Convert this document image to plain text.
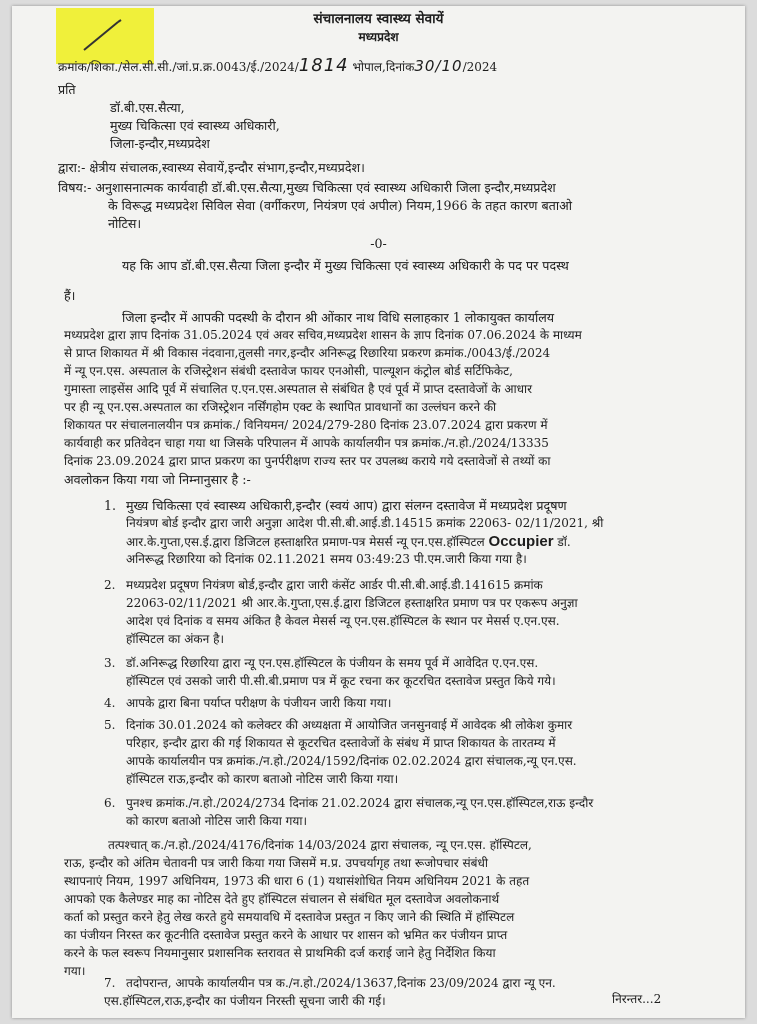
संचालनालय स्वास्थ्य सेवायें
मध्यप्रदेश
क्रमांक/शिका./सेल.सी.सी./जां.प्र.क्र.0043/ई./2024/1814 भोपाल,दिनांक30/10/2024
प्रति
डॉ.बी.एस.सैत्या,
मुख्य चिकित्सा एवं स्वास्थ्य अधिकारी,
जिला-इन्दौर,मध्यप्रदेश
द्वारा:- क्षेत्रीय संचालक,स्वास्थ्य सेवायें,इन्दौर संभाग,इन्दौर,मध्यप्रदेश।
विषय:- अनुशासनात्मक कार्यवाही डॉ.बी.एस.सैत्या,मुख्य चिकित्सा एवं स्वास्थ्य अधिकारी जिला इन्दौर,मध्यप्रदेश
के विरूद्ध मध्यप्रदेश सिविल सेवा (वर्गीकरण, नियंत्रण एवं अपील) नियम,1966 के तहत कारण बताओ
नोटिस।
-0-
यह कि आप डॉ.बी.एस.सैत्या जिला इन्दौर में मुख्य चिकित्सा एवं स्वास्थ्य अधिकारी के पद पर पदस्थ
हैं।
जिला इन्दौर में आपकी पदस्थी के दौरान श्री ओंकार नाथ विधि सलाहकार 1 लोकायुक्त कार्यालय
मध्यप्रदेश द्वारा ज्ञाप दिनांक 31.05.2024 एवं अवर सचिव,मध्यप्रदेश शासन के ज्ञाप दिनांक 07.06.2024 के माध्यम
से प्राप्त शिकायत में श्री विकास नंदवाना,तुलसी नगर,इन्दौर अनिरूद्ध रिछारिया प्रकरण क्रमांक./0043/ई./2024
में न्यू एन.एस. अस्पताल के रजिस्ट्रेशन संबंधी दस्तावेज फायर एनओसी, पाल्यूशन कंट्रोल बोर्ड सर्टिफिकेट,
गुमास्ता लाइसेंस आदि पूर्व में संचालित ए.एन.एस.अस्पताल से संबंधित है एवं पूर्व में प्राप्त दस्तावेजों के आधार
पर ही न्यू एन.एस.अस्पताल का रजिस्ट्रेशन नर्सिंगहोम एक्ट के स्थापित प्रावधानों का उल्लंघन करने की
शिकायत पर संचालनालयीन पत्र क्रमांक./ विनियमन/ 2024/279-280 दिनांक 23.07.2024 द्वारा प्रकरण में
कार्यवाही कर प्रतिवेदन चाहा गया था जिसके परिपालन में आपके कार्यालयीन पत्र क्रमांक./न.हो./2024/13335
दिनांक 23.09.2024 द्वारा प्राप्त प्रकरण का पुनर्परीक्षण राज्य स्तर पर उपलब्ध कराये गये दस्तावेजों से तथ्यों का
अवलोकन किया गया जो निम्नानुसार है :-
1. मुख्य चिकित्सा एवं स्वास्थ्य अधिकारी,इन्दौर (स्वयं आप) द्वारा संलग्न दस्तावेज में मध्यप्रदेश प्रदूषण
नियंत्रण बोर्ड इन्दौर द्वारा जारी अनुज्ञा आदेश पी.सी.बी.आई.डी.14515 क्रमांक 22063- 02/11/2021, श्री
आर.के.गुप्ता,एस.ई.द्वारा डिजिटल हस्ताक्षरित प्रमाण-पत्र मेसर्स न्यू एन.एस.हॉस्पिटल Occupier डॉ.
अनिरूद्ध रिछारिया को दिनांक 02.11.2021 समय 03:49:23 पी.एम.जारी किया गया है।
2. मध्यप्रदेश प्रदूषण नियंत्रण बोर्ड,इन्दौर द्वारा जारी कंसेंट आर्डर पी.सी.बी.आई.डी.141615 क्रमांक
22063-02/11/2021 श्री आर.के.गुप्ता,एस.ई.द्वारा डिजिटल हस्ताक्षरित प्रमाण पत्र पर एकरूप अनुज्ञा
आदेश एवं दिनांक व समय अंकित है केवल मेसर्स न्यू एन.एस.हॉस्पिटल के स्थान पर मेसर्स ए.एन.एस.
हॉस्पिटल का अंकन है।
3. डॉ.अनिरूद्ध रिछारिया द्वारा न्यू एन.एस.हॉस्पिटल के पंजीयन के समय पूर्व में आवेदित ए.एन.एस.
हॉस्पिटल एवं उसको जारी पी.सी.बी.प्रमाण पत्र में कूट रचना कर कूटरचित दस्तावेज प्रस्तुत किये गये।
4. आपके द्वारा बिना पर्याप्त परीक्षण के पंजीयन जारी किया गया।
5. दिनांक 30.01.2024 को कलेक्टर की अध्यक्षता में आयोजित जनसुनवाई में आवेदक श्री लोकेश कुमार
परिहार, इन्दौर द्वारा की गई शिकायत से कूटरचित दस्तावेजों के संबंध में प्राप्त शिकायत के तारतम्य में
आपके कार्यालयीन पत्र क्रमांक./न.हो./2024/1592/दिनांक 02.02.2024 द्वारा संचालक,न्यू एन.एस.
हॉस्पिटल राऊ,इन्दौर को कारण बताओ नोटिस जारी किया गया।
6. पुनश्च क्रमांक./न.हो./2024/2734 दिनांक 21.02.2024 द्वारा संचालक,न्यू एन.एस.हॉस्पिटल,राऊ इन्दौर
को कारण बताओ नोटिस जारी किया गया।
तत्पश्चात् क./न.हो./2024/4176/दिनांक 14/03/2024 द्वारा संचालक, न्यू एन.एस. हॉस्पिटल,
राऊ, इन्दौर को अंतिम चेतावनी पत्र जारी किया गया जिसमें म.प्र. उपचर्यागृह तथा रूजोपचार संबंधी
स्थापनाएं नियम, 1997 अधिनियम, 1973 की धारा 6 (1) यथासंशोधित नियम अधिनियम 2021 के तहत
आपको एक कैलेण्डर माह का नोटिस देते हुए हॉस्पिटल संचालन से संबंधित मूल दस्तावेज अवलोकनार्थ
कर्ता को प्रस्तुत करने हेतु लेख करते हुये समयावधि में दस्तावेज प्रस्तुत न किए जाने की स्थिति में हॉस्पिटल
का पंजीयन निरस्त कर कूटनीति दस्तावेज प्रस्तुत करने के आधार पर शासन को भ्रमित कर पंजीयन प्राप्त
करने के फल स्वरूप नियमानुसार प्रशासनिक स्तरावत से प्राथमिकी दर्ज कराई जाने हेतु निर्देशित किया
गया।
7. तदोपरान्त, आपके कार्यालयीन पत्र क./न.हो./2024/13637,दिनांक 23/09/2024 द्वारा न्यू एन.
एस.हॉस्पिटल,राऊ,इन्दौर का पंजीयन निरस्ती सूचना जारी की गई।	निरन्तर...2
